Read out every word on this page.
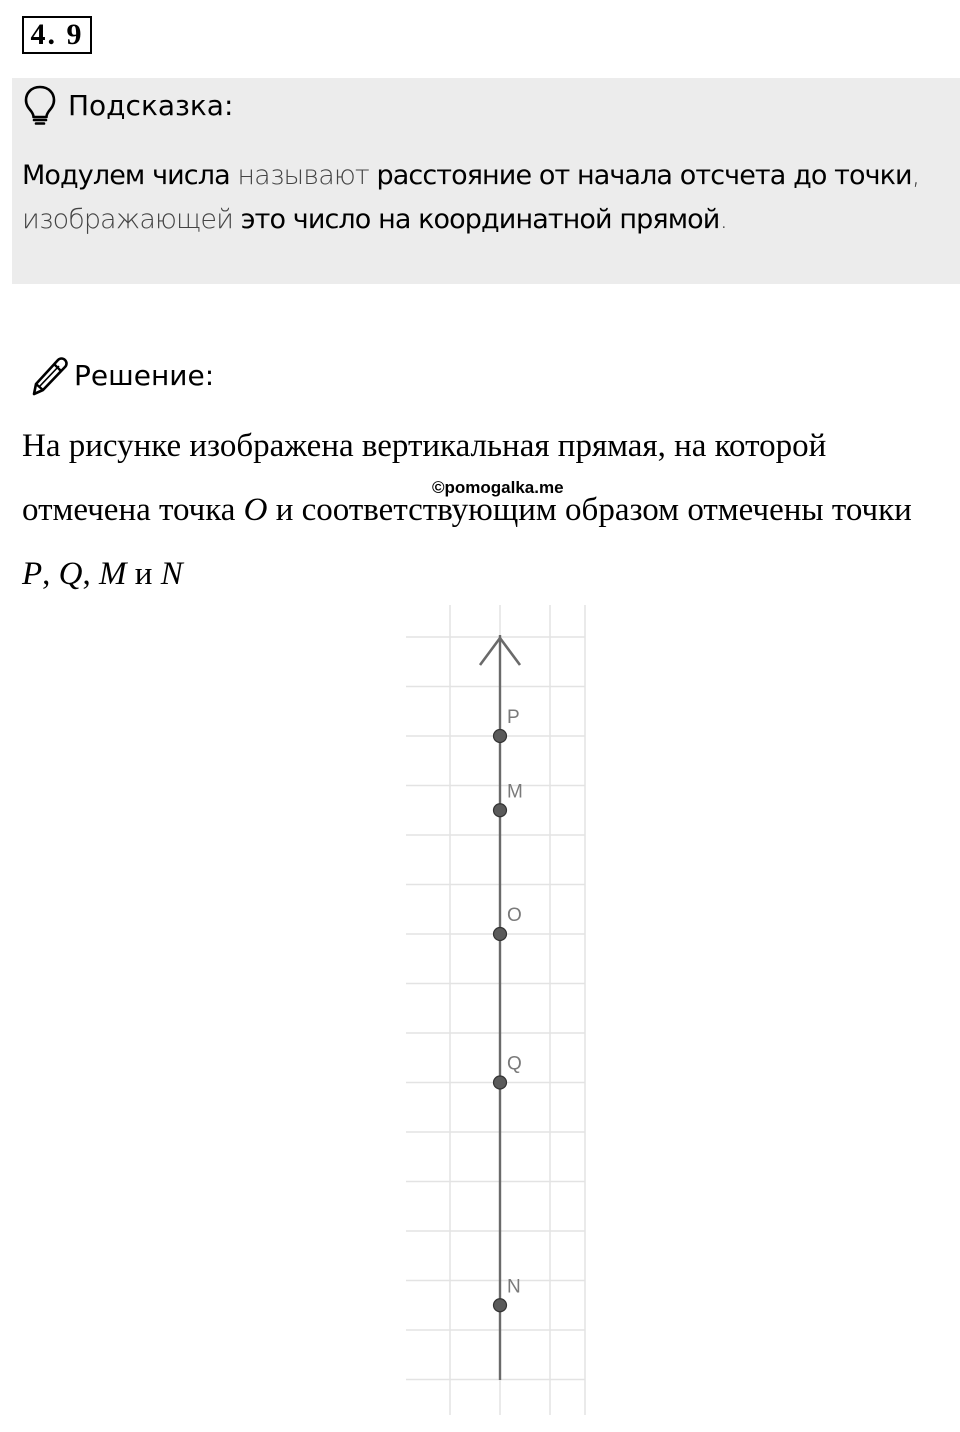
4. 9
Подсказка:
Модулем числа называют расстояние от начала отсчета до точки, изображающей это число на координатной прямой.
Решение:
На рисунке изображена вертикальная прямая, на которой отмечена точка O и соответствующим образом отмечены точки P, Q, M и N
©pomogalka.me
P
M
O
Q
N
